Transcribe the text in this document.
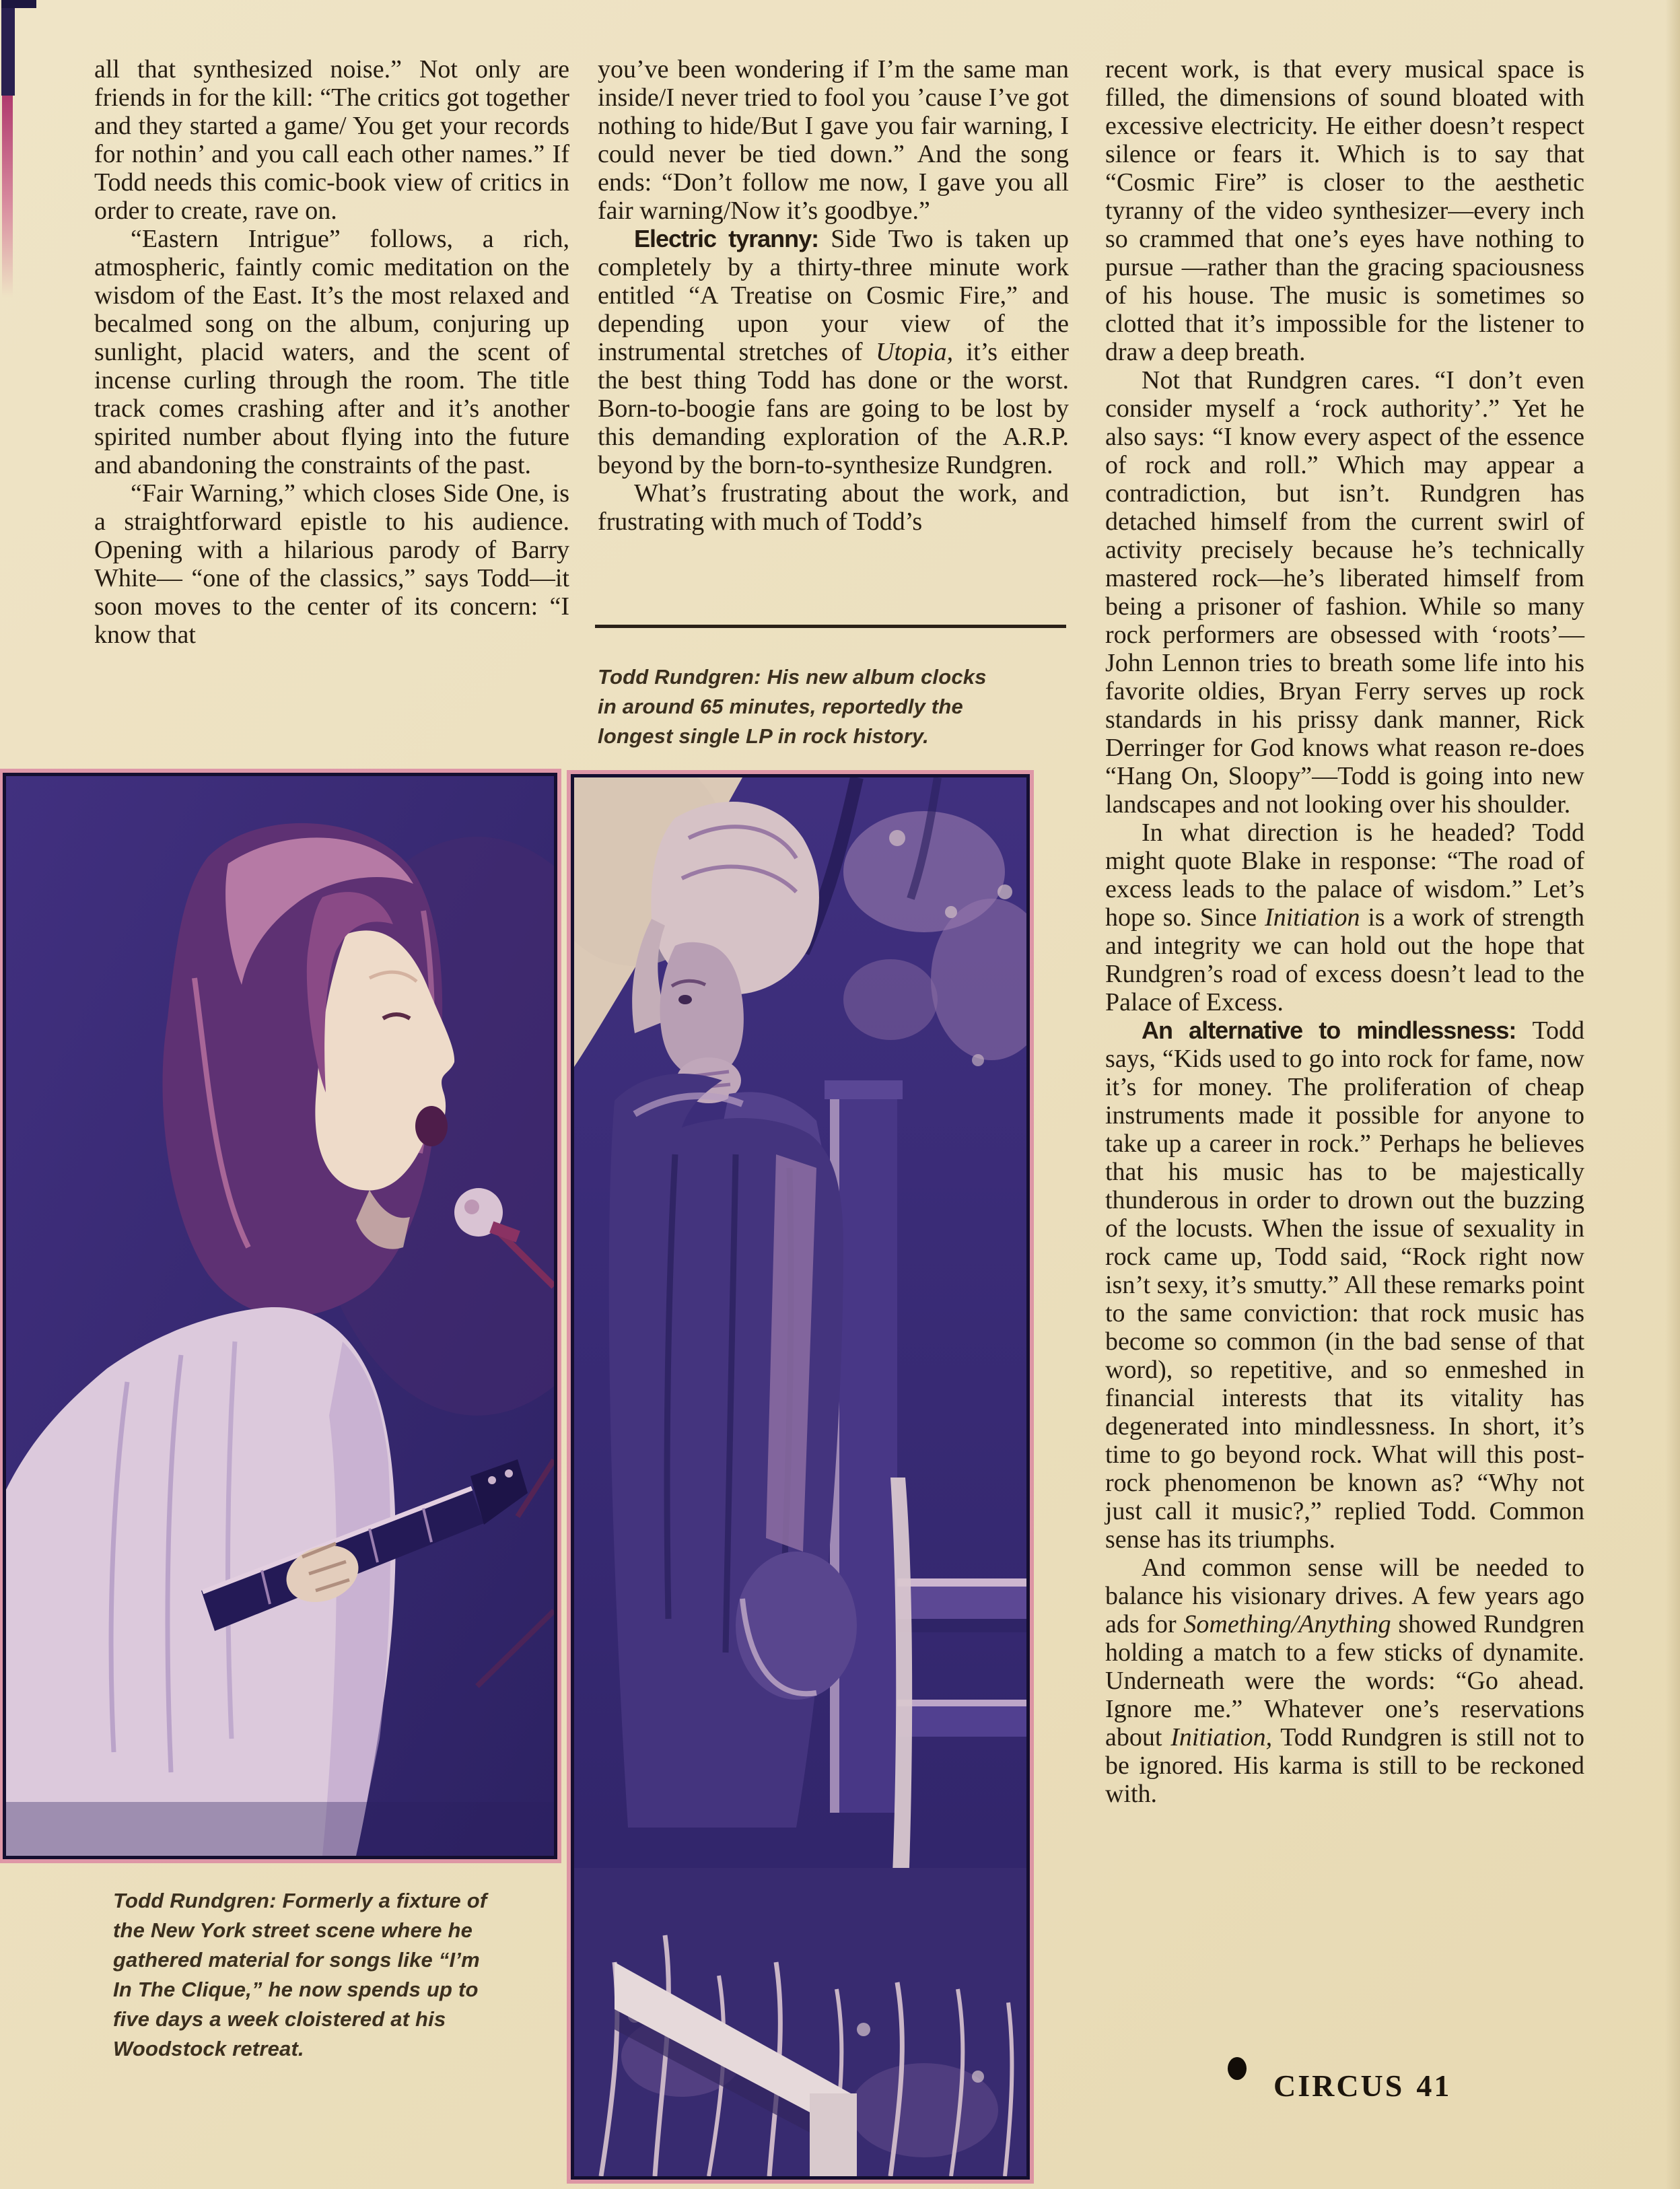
all that synthesized noise.” Not only are friends in for the kill: “The critics got together and they started a game/ You get your records for nothin’ and you call each other names.” If Todd needs this comic-book view of critics in order to create, rave on.

“Eastern Intrigue” follows, a rich, atmospheric, faintly comic meditation on the wisdom of the East. It’s the most relaxed and becalmed song on the album, conjuring up sunlight, placid waters, and the scent of incense curling through the room. The title track comes crashing after and it’s another spirited number about flying into the future and abandoning the constraints of the past.

“Fair Warning,” which closes Side One, is a straightforward epistle to his audience. Opening with a hilarious parody of Barry White— “one of the classics,” says Todd—it soon moves to the center of its concern: “I know that

you’ve been wondering if I’m the same man inside/I never tried to fool you ’cause I’ve got nothing to hide/But I gave you fair warning, I could never be tied down.” And the song ends: “Don’t follow me now, I gave you all fair warning/Now it’s goodbye.”

Electric tyranny: Side Two is taken up completely by a thirty-three minute work entitled “A Treatise on Cosmic Fire,” and depending upon your view of the instrumental stretches of Utopia, it’s either the best thing Todd has done or the worst. Born-to-boogie fans are going to be lost by this demanding exploration of the A.R.P. beyond by the born-to-synthesize Rundgren.

What’s frustrating about the work, and frustrating with much of Todd’s

recent work, is that every musical space is filled, the dimensions of sound bloated with excessive electricity. He either doesn’t respect silence or fears it. Which is to say that “Cosmic Fire” is closer to the aesthetic tyranny of the video synthesizer—every inch so crammed that one’s eyes have nothing to pursue —rather than the gracing spaciousness of his house. The music is sometimes so clotted that it’s impossible for the listener to draw a deep breath.

Not that Rundgren cares. “I don’t even consider myself a ‘rock authority’.” Yet he also says: “I know every aspect of the essence of rock and roll.” Which may appear a contradiction, but isn’t. Rundgren has detached himself from the current swirl of activity precisely because he’s technically mastered rock—he’s liberated himself from being a prisoner of fashion. While so many rock performers are obsessed with ‘roots’—John Lennon tries to breath some life into his favorite oldies, Bryan Ferry serves up rock standards in his prissy dank manner, Rick Derringer for God knows what reason re-does “Hang On, Sloopy”—Todd is going into new landscapes and not looking over his shoulder.

In what direction is he headed? Todd might quote Blake in response: “The road of excess leads to the palace of wisdom.” Let’s hope so. Since Initiation is a work of strength and integrity we can hold out the hope that Rundgren’s road of excess doesn’t lead to the Palace of Excess.

An alternative to mindlessness: Todd says, “Kids used to go into rock for fame, now it’s for money. The proliferation of cheap instruments made it possible for anyone to take up a career in rock.” Perhaps he believes that his music has to be majestically thunderous in order to drown out the buzzing of the locusts. When the issue of sexuality in rock came up, Todd said, “Rock right now isn’t sexy, it’s smutty.” All these remarks point to the same conviction: that rock music has become so common (in the bad sense of that word), so repetitive, and so enmeshed in financial interests that its vitality has degenerated into mindlessness. In short, it’s time to go beyond rock. What will this post-rock phenomenon be known as? “Why not just call it music?,” replied Todd. Common sense has its triumphs.

And common sense will be needed to balance his visionary drives. A few years ago ads for Something/Anything showed Rundgren holding a match to a few sticks of dynamite. Underneath were the words: “Go ahead. Ignore me.” Whatever one’s reservations about Initiation, Todd Rundgren is still not to be ignored. His karma is still to be reckoned with.

Todd Rundgren: His new album clocks in around 65 minutes, reportedly the longest single LP in rock history.
Todd Rundgren: Formerly a fixture of the New York street scene where he gathered material for songs like “I’m In The Clique,” he now spends up to five days a week cloistered at his Woodstock retreat.
CIRCUS 41
